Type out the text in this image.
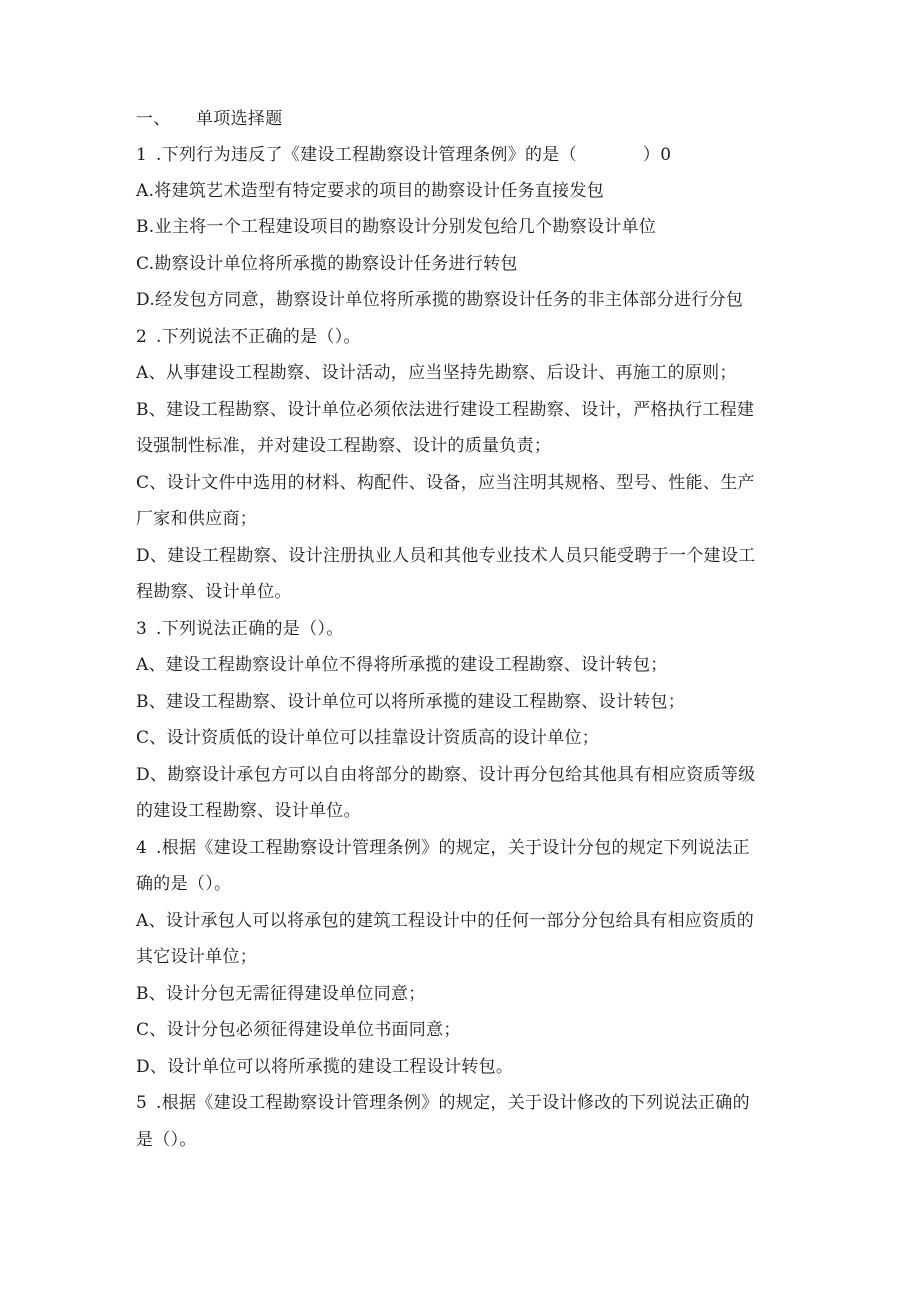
一、 单项选择题
1 .下列行为违反了《建设工程勘察设计管理条例》的是（	）0
A.将建筑艺术造型有特定要求的项目的勘察设计任务直接发包
B.业主将一个工程建设项目的勘察设计分别发包给几个勘察设计单位
C.勘察设计单位将所承揽的勘察设计任务进行转包
D.经发包方同意，勘察设计单位将所承揽的勘察设计任务的非主体部分进行分包
2 .下列说法不正确的是（）。
A、从事建设工程勘察、设计活动，应当坚持先勘察、后设计、再施工的原则；
B、建设工程勘察、设计单位必须依法进行建设工程勘察、设计，严格执行工程建
设强制性标准，并对建设工程勘察、设计的质量负责；
C、设计文件中选用的材料、构配件、设备，应当注明其规格、型号、性能、生产
厂家和供应商；
D、建设工程勘察、设计注册执业人员和其他专业技术人员只能受聘于一个建设工
程勘察、设计单位。
3 .下列说法正确的是（）。
A、建设工程勘察设计单位不得将所承揽的建设工程勘察、设计转包；
B、建设工程勘察、设计单位可以将所承揽的建设工程勘察、设计转包；
C、设计资质低的设计单位可以挂靠设计资质高的设计单位；
D、勘察设计承包方可以自由将部分的勘察、设计再分包给其他具有相应资质等级
的建设工程勘察、设计单位。
4 .根据《建设工程勘察设计管理条例》的规定，关于设计分包的规定下列说法正
确的是（）。
A、设计承包人可以将承包的建筑工程设计中的任何一部分分包给具有相应资质的
其它设计单位；
B、设计分包无需征得建设单位同意；
C、设计分包必须征得建设单位书面同意；
D、设计单位可以将所承揽的建设工程设计转包。
5 .根据《建设工程勘察设计管理条例》的规定，关于设计修改的下列说法正确的
是（）。
